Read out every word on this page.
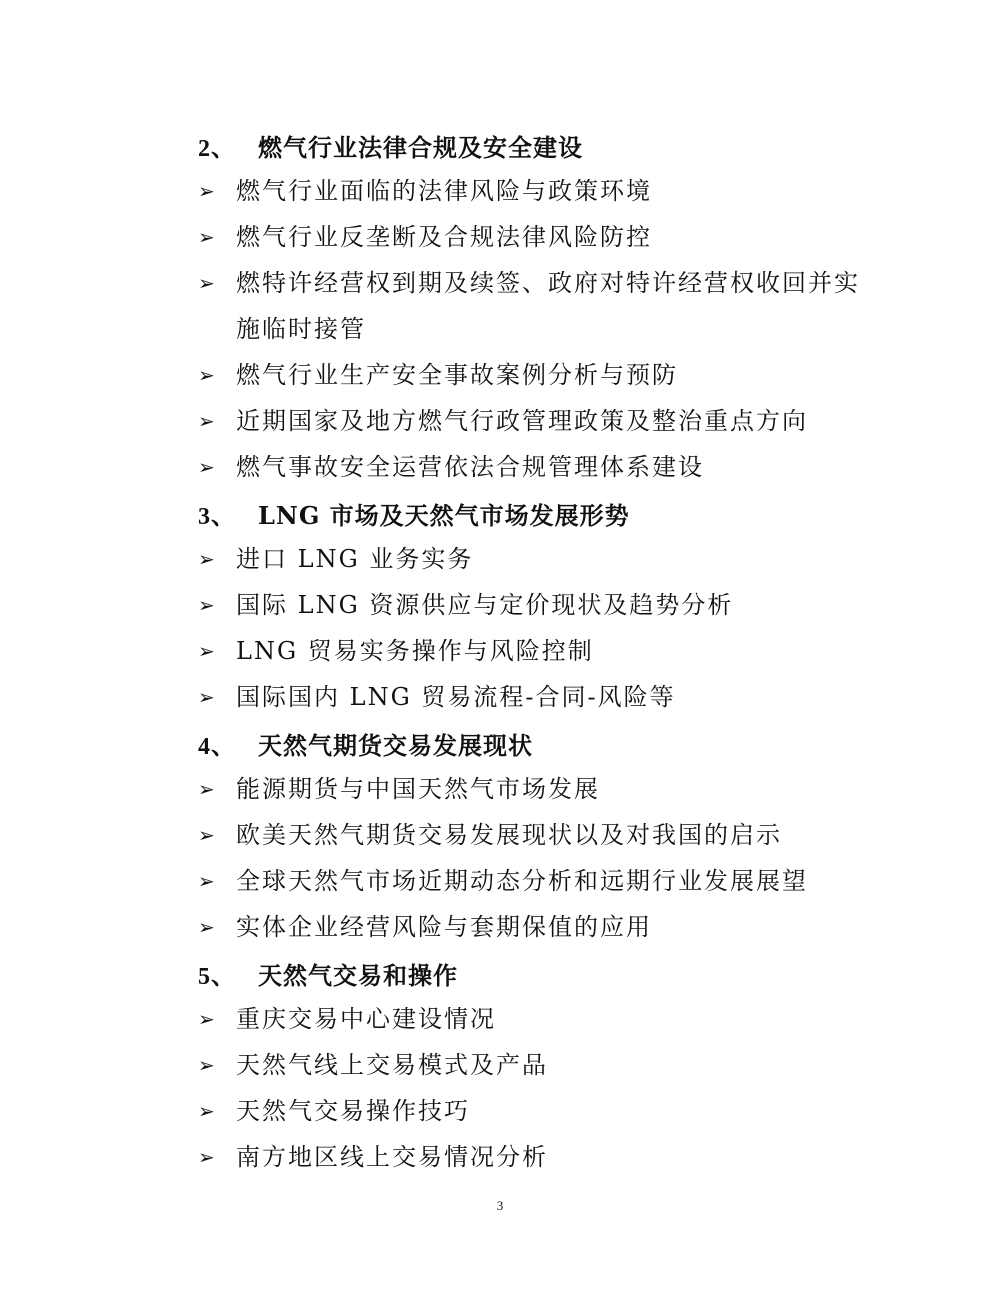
2、 燃气行业法律合规及安全建设
➢ 燃气行业面临的法律风险与政策环境
➢ 燃气行业反垄断及合规法律风险防控
➢ 燃特许经营权到期及续签、政府对特许经营权收回并实施临时接管
➢ 燃气行业生产安全事故案例分析与预防
➢ 近期国家及地方燃气行政管理政策及整治重点方向
➢ 燃气事故安全运营依法合规管理体系建设
3、 LNG 市场及天然气市场发展形势
➢ 进口 LNG 业务实务
➢ 国际 LNG 资源供应与定价现状及趋势分析
➢ LNG 贸易实务操作与风险控制
➢ 国际国内 LNG 贸易流程-合同-风险等
4、 天然气期货交易发展现状
➢ 能源期货与中国天然气市场发展
➢ 欧美天然气期货交易发展现状以及对我国的启示
➢ 全球天然气市场近期动态分析和远期行业发展展望
➢ 实体企业经营风险与套期保值的应用
5、 天然气交易和操作
➢ 重庆交易中心建设情况
➢ 天然气线上交易模式及产品
➢ 天然气交易操作技巧
➢ 南方地区线上交易情况分析
3
